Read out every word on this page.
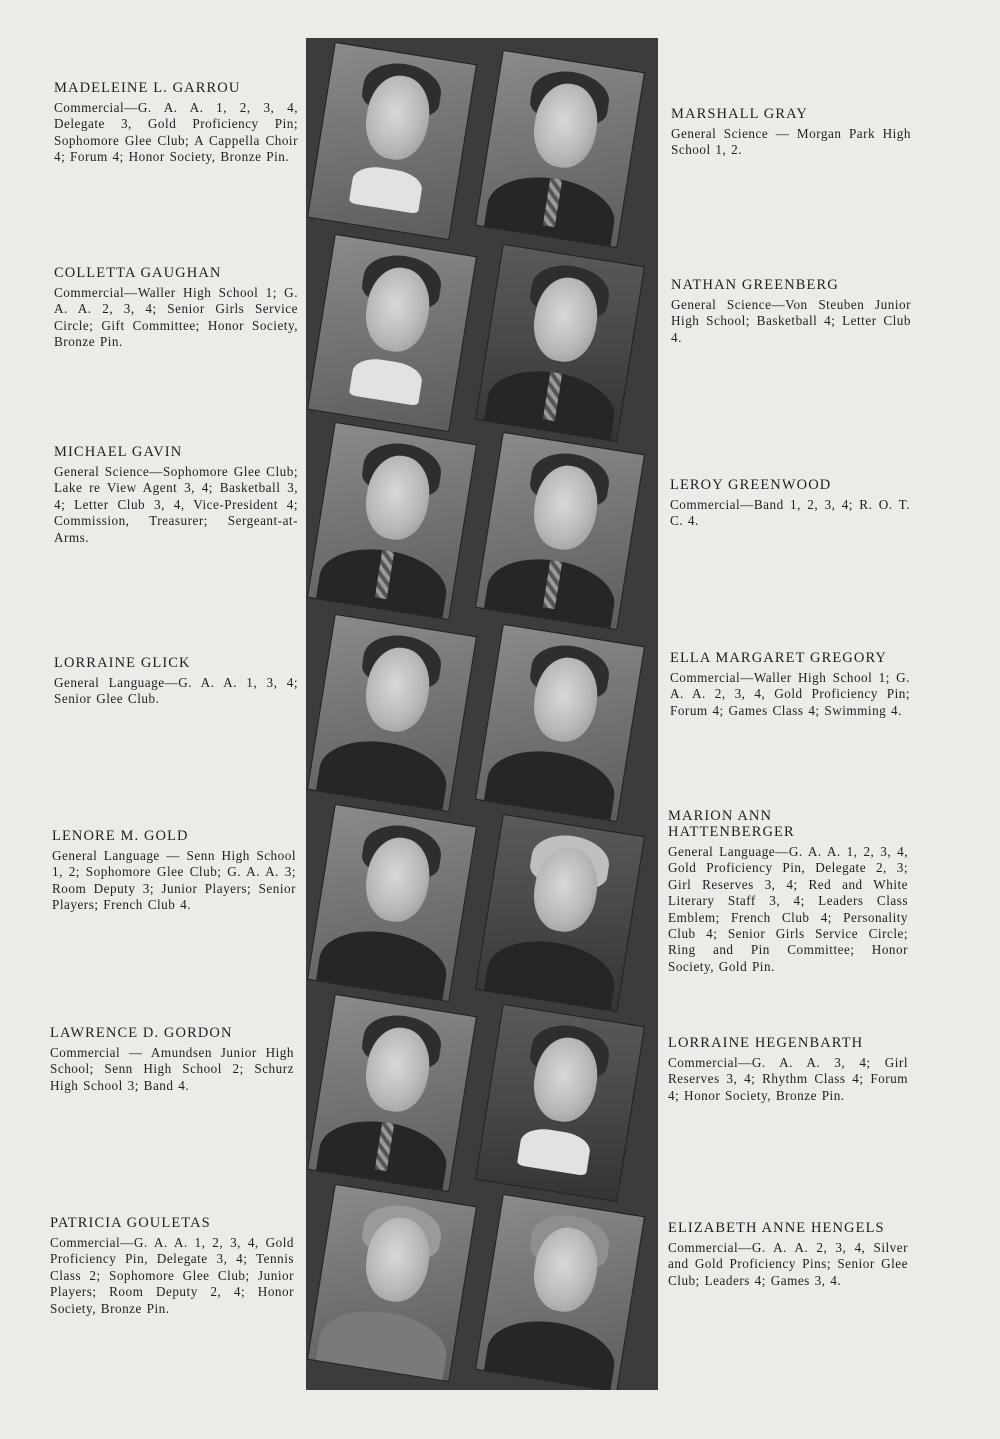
MADELEINE L. GARROU

Commercial—G. A. A. 1, 2, 3, 4, Delegate 3, Gold Proficiency Pin; Sophomore Glee Club; A Cappella Choir 4; Forum 4; Honor Society, Bronze Pin.

COLLETTA GAUGHAN

Commercial—Waller High School 1; G. A. A. 2, 3, 4; Senior Girls Service Circle; Gift Committee; Honor Society, Bronze Pin.

MICHAEL GAVIN

General Science—Sophomore Glee Club; Lake re View Agent 3, 4; Basketball 3, 4; Letter Club 3, 4, Vice-President 4; Commission, Treasurer; Sergeant-at-Arms.

LORRAINE GLICK

General Language—G. A. A. 1, 3, 4; Senior Glee Club.

LENORE M. GOLD

General Language — Senn High School 1, 2; Sophomore Glee Club; G. A. A. 3; Room Deputy 3; Junior Players; Senior Players; French Club 4.

LAWRENCE D. GORDON

Commercial — Amundsen Junior High School; Senn High School 2; Schurz High School 3; Band 4.

PATRICIA GOULETAS

Commercial—G. A. A. 1, 2, 3, 4, Gold Proficiency Pin, Delegate 3, 4; Tennis Class 2; Sophomore Glee Club; Junior Players; Room Deputy 2, 4; Honor Society, Bronze Pin.

MARSHALL GRAY

General Science — Morgan Park High School 1, 2.

NATHAN GREENBERG

General Science—Von Steuben Junior High School; Basketball 4; Letter Club 4.

LEROY GREENWOOD

Commercial—Band 1, 2, 3, 4; R. O. T. C. 4.

ELLA MARGARET GREGORY

Commercial—Waller High School 1; G. A. A. 2, 3, 4, Gold Proficiency Pin; Forum 4; Games Class 4; Swimming 4.

MARION ANN
HATTENBERGER

General Language—G. A. A. 1, 2, 3, 4, Gold Proficiency Pin, Delegate 2, 3; Girl Reserves 3, 4; Red and White Literary Staff 3, 4; Leaders Class Emblem; French Club 4; Personality Club 4; Senior Girls Service Circle; Ring and Pin Committee; Honor Society, Gold Pin.

LORRAINE HEGENBARTH

Commercial—G. A. A. 3, 4; Girl Reserves 3, 4; Rhythm Class 4; Forum 4; Honor Society, Bronze Pin.

ELIZABETH ANNE HENGELS

Commercial—G. A. A. 2, 3, 4, Silver and Gold Proficiency Pins; Senior Glee Club; Leaders 4; Games 3, 4.
